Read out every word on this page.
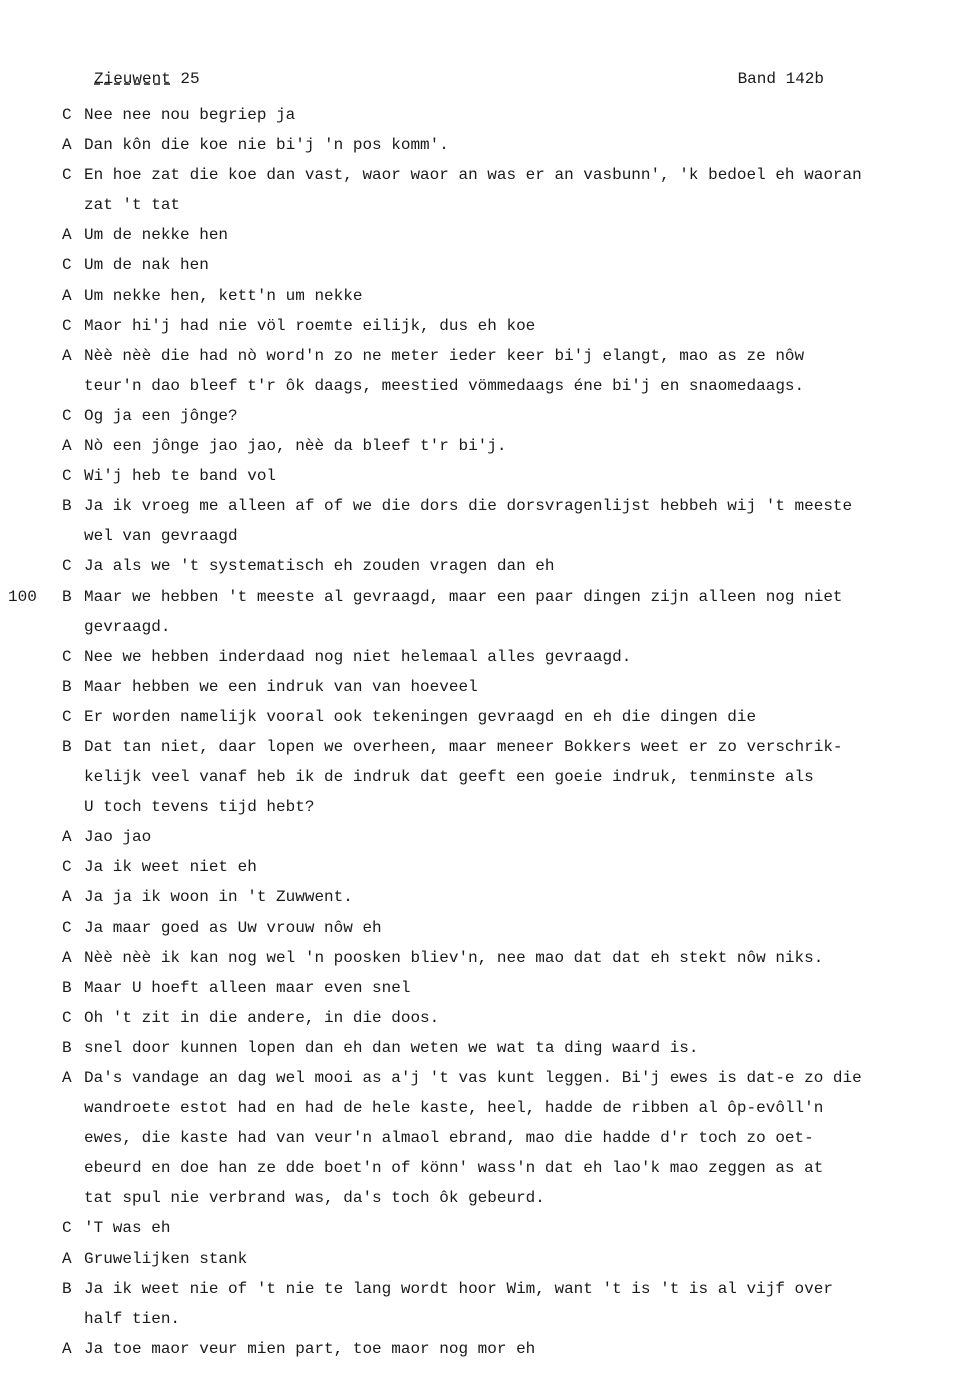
Zieuwent 25	Band 142b
C Nee nee nou begriep ja
A Dan kôn die koe nie bi'j 'n pos komm'.
C En hoe zat die koe dan vast, waor waor an was er an vasbunn', 'k bedoel eh waoran
zat 't tat
A Um de nekke hen
C Um de nak hen
A Um nekke hen, kett'n um nekke
C Maor hi'j had nie völ roemte eilijk, dus eh koe
A Nèè nèè die had nò word'n zo ne meter ieder keer bi'j elangt, mao as ze nôw
teur'n dao bleef t'r ôk daags, meestied vömmedaags éne bi'j en snaomedaags.
C Og ja een jônge?
A Nò een jônge jao jao, nèè da bleef t'r bi'j.
C Wi'j heb te band vol
B Ja ik vroeg me alleen af of we die dors die dorsvragenlijst hebbeh wij 't meeste
wel van gevraagd
C Ja als we 't systematisch eh zouden vragen dan eh
100 B Maar we hebben 't meeste al gevraagd, maar een paar dingen zijn alleen nog niet
gevraagd.
C Nee we hebben inderdaad nog niet helemaal alles gevraagd.
B Maar hebben we een indruk van van hoeveel
C Er worden namelijk vooral ook tekeningen gevraagd en eh die dingen die
B Dat tan niet, daar lopen we overheen, maar meneer Bokkers weet er zo verschrik-
kelijk veel vanaf heb ik de indruk dat geeft een goeie indruk, tenminste als
U toch tevens tijd hebt?
A Jao jao
C Ja ik weet niet eh
A Ja ja ik woon in 't Zuwwent.
C Ja maar goed as Uw vrouw nôw eh
A Nèè nèè ik kan nog wel 'n poosken bliev'n, nee mao dat dat eh stekt nôw niks.
B Maar U hoeft alleen maar even snel
C Oh 't zit in die andere, in die doos.
B snel door kunnen lopen dan eh dan weten we wat ta ding waard is.
A Da's vandage an dag wel mooi as a'j 't vas kunt leggen. Bi'j ewes is dat-e zo die
wandroete estot had en had de hele kaste, heel, hadde de ribben al ôp-evôll'n
ewes, die kaste had van veur'n almaol ebrand, mao die hadde d'r toch zo oet-
ebeurd en doe han ze dde boet'n of könn' wass'n dat eh lao'k mao zeggen as at
tat spul nie verbrand was, da's toch ôk gebeurd.
C 'T was eh
A Gruwelijken stank
B Ja ik weet nie of 't nie te lang wordt hoor Wim, want 't is 't is al vijf over
half tien.
A Ja toe maor veur mien part, toe maor nog mor eh
